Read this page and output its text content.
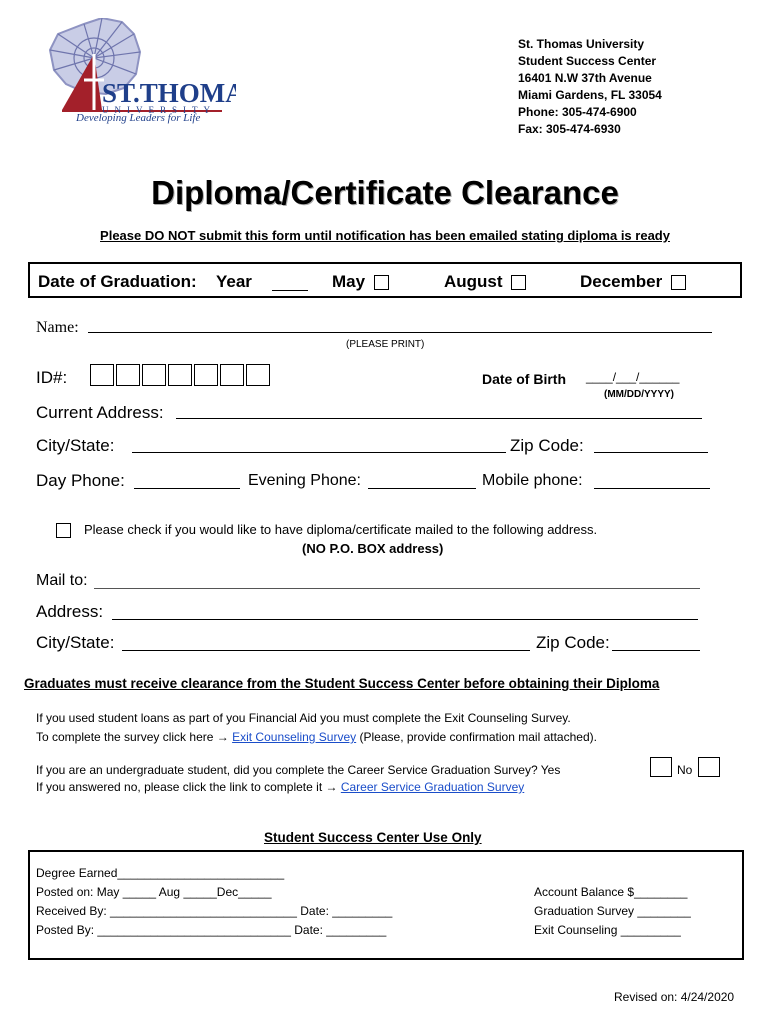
ST.THOMA
UNIVERSITY
Developing Leaders for Life
St. Thomas University
Student Success Center
16401 N.W 37th Avenue
Miami Gardens, FL 33054
Phone: 305-474-6900
Fax: 305-474-6930
Diploma/Certificate Clearance
Please DO NOT submit this form until notification has been emailed stating diploma is ready
Date of Graduation: Year	May	August	December
Name:
(PLEASE PRINT)
ID#:	Date of Birth ____/___/______
(MM/DD/YYYY)
Current Address:
City/State:	Zip Code:
Day Phone:	Evening Phone:	Mobile phone:
Please check if you would like to have diploma/certificate mailed to the following address.
(NO P.O. BOX address)
Mail to:
Address:
City/State:	Zip Code:
Graduates must receive clearance from the Student Success Center before obtaining their Diploma
If you used student loans as part of you Financial Aid you must complete the Exit Counseling Survey.
To complete the survey click here → Exit Counseling Survey (Please, provide confirmation mail attached).
If you are an undergraduate student, did you complete the Career Service Graduation Survey? Yes	No
If you answered no, please click the link to complete it → Career Service Graduation Survey
Student Success Center Use Only
Degree Earned_________________________
Posted on: May _____ Aug _____Dec_____
Received By: ____________________________ Date: _________
Posted By: _____________________________ Date: _________
Account Balance $________
Graduation Survey ________
Exit Counseling _________
Revised on: 4/24/2020
